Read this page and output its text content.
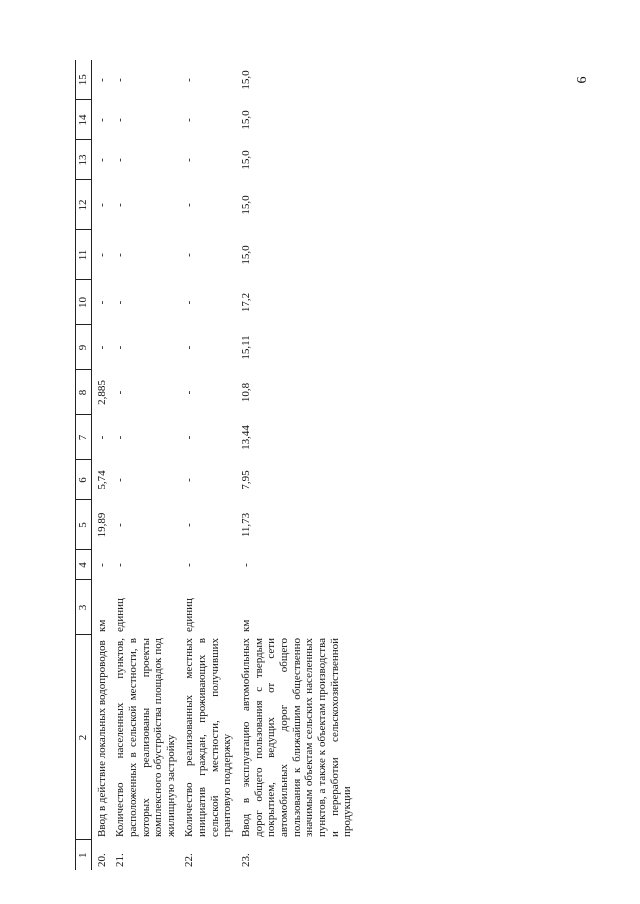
6
1	2	3	4	5	6	7	8	9	10	11	12	13	14	15
20.	Ввод в действие локальных водопроводов	км	-	19,89	5,74	-	2,885	-	-	-	-	-	-	-
21.	Количество населенных пунктов, расположенных в сельской местности, в которых реализованы проекты комплексного обустройства площадок под жилищную застройку	единиц	-	-	-	-	-	-	-	-	-	-	-	-
22.	Количество реализованных местных инициатив граждан, проживающих в сельской местности, получивших грантовую поддержку	единиц	-	-	-	-	-	-	-	-	-	-	-	-
23.	Ввод в эксплуатацию автомобильных дорог общего пользования с твердым покрытием, ведущих от сети автомобильных дорог общего пользования к ближайшим общественно значимым объектам сельских населенных пунктов, а также к объектам производства и переработки сельскохозяйственной продукции	км	-	11,73	7,95	13,44	10,8	15,11	17,2	15,0	15,0	15,0	15,0	15,0
